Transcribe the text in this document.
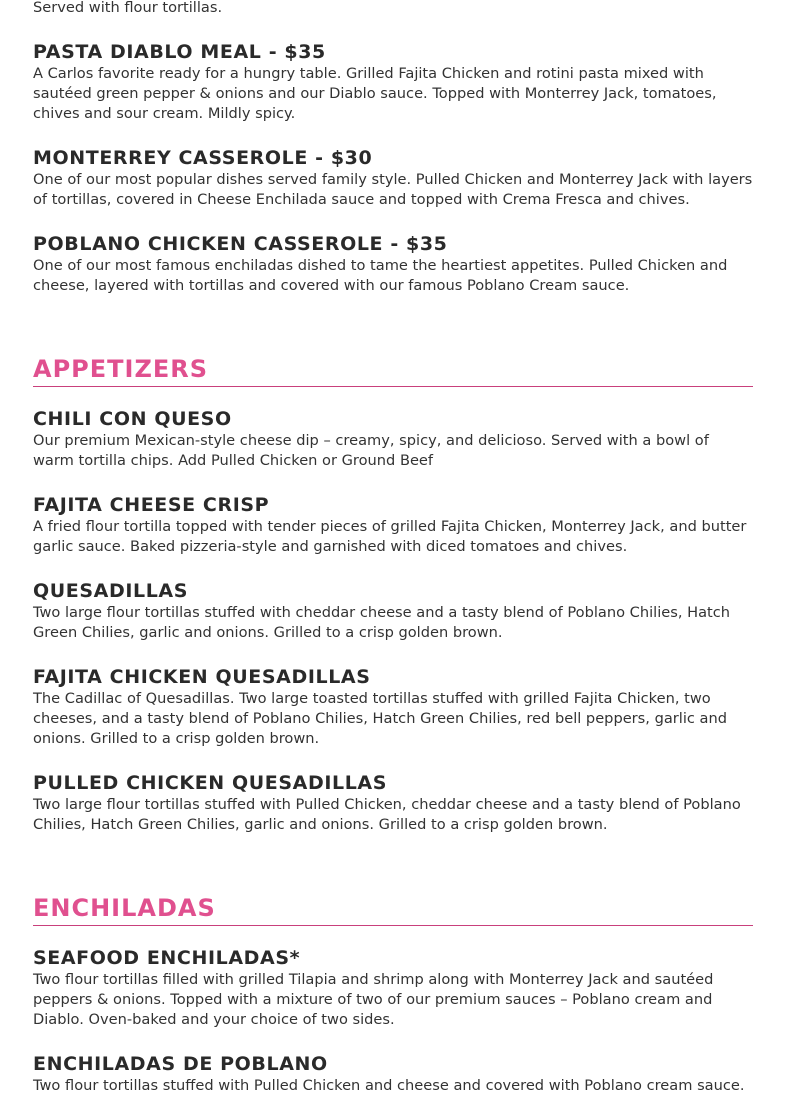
Served with flour tortillas.

PASTA DIABLO MEAL - $35

A Carlos favorite ready for a hungry table. Grilled Fajita Chicken and rotini pasta mixed with sautéed green pepper & onions and our Diablo sauce. Topped with Monterrey Jack, tomatoes, chives and sour cream. Mildly spicy.

MONTERREY CASSEROLE - $30

One of our most popular dishes served family style. Pulled Chicken and Monterrey Jack with layers of tortillas, covered in Cheese Enchilada sauce and topped with Crema Fresca and chives.

POBLANO CHICKEN CASSEROLE - $35

One of our most famous enchiladas dished to tame the heartiest appetites. Pulled Chicken and cheese, layered with tortillas and covered with our famous Poblano Cream sauce.

APPETIZERS
CHILI CON QUESO

Our premium Mexican-style cheese dip – creamy, spicy, and delicioso. Served with a bowl of warm tortilla chips. Add Pulled Chicken or Ground Beef

FAJITA CHEESE CRISP

A fried flour tortilla topped with tender pieces of grilled Fajita Chicken, Monterrey Jack, and butter garlic sauce. Baked pizzeria-style and garnished with diced tomatoes and chives.

QUESADILLAS

Two large flour tortillas stuffed with cheddar cheese and a tasty blend of Poblano Chilies, Hatch Green Chilies, garlic and onions. Grilled to a crisp golden brown.

FAJITA CHICKEN QUESADILLAS

The Cadillac of Quesadillas. Two large toasted tortillas stuffed with grilled Fajita Chicken, two cheeses, and a tasty blend of Poblano Chilies, Hatch Green Chilies, red bell peppers, garlic and onions. Grilled to a crisp golden brown.

PULLED CHICKEN QUESADILLAS

Two large flour tortillas stuffed with Pulled Chicken, cheddar cheese and a tasty blend of Poblano Chilies, Hatch Green Chilies, garlic and onions. Grilled to a crisp golden brown.

ENCHILADAS
SEAFOOD ENCHILADAS*

Two flour tortillas filled with grilled Tilapia and shrimp along with Monterrey Jack and sautéed peppers & onions. Topped with a mixture of two of our premium sauces – Poblano cream and Diablo. Oven-baked and your choice of two sides.

ENCHILADAS DE POBLANO

Two flour tortillas stuffed with Pulled Chicken and cheese and covered with Poblano cream sauce.
